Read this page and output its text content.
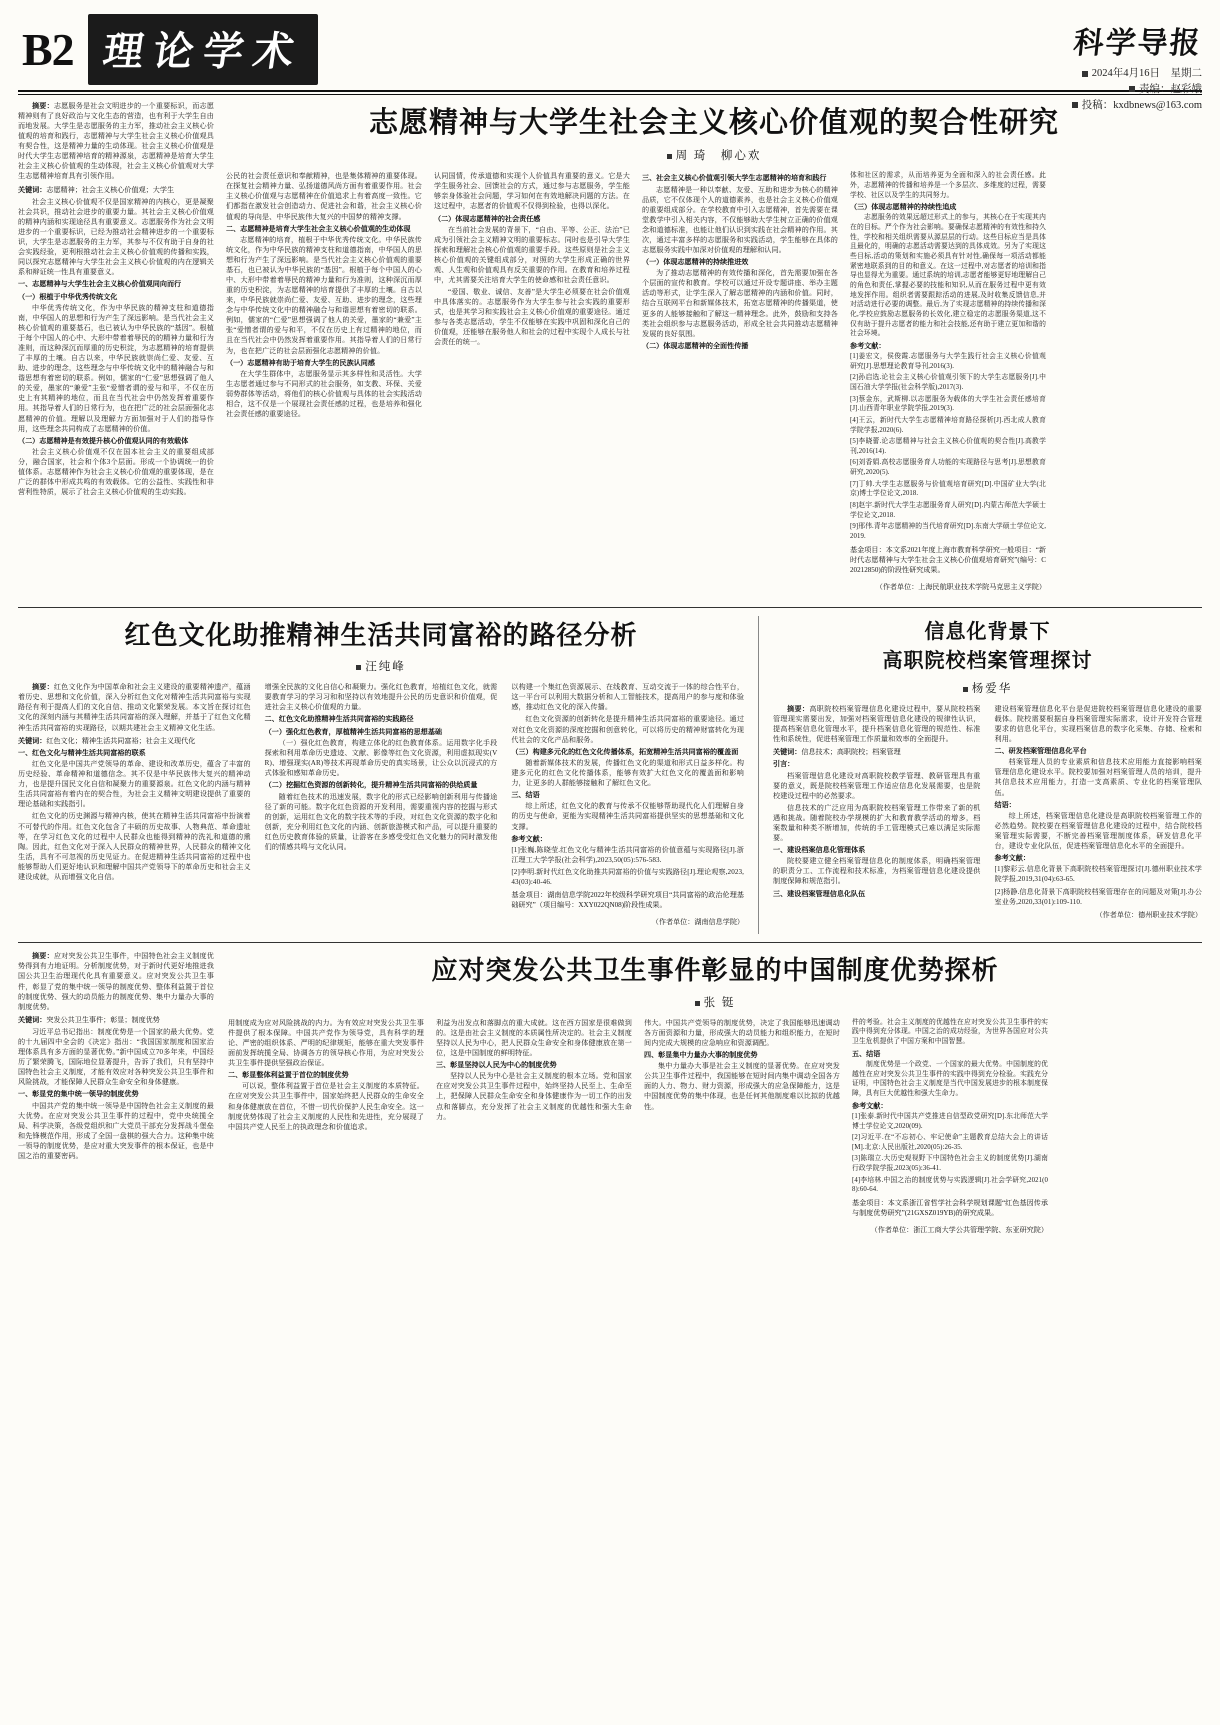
B2 理论学术	科学导报
2024年4月16日　星期二
责编：赵彩娥
投稿：kxdbnews@163.com

摘要：志愿服务是社会文明进步的一个重要标识，而志愿精神则有了良好政治与文化生态的营造，也有利于大学生自由而地发展。大学生是志愿服务的主力军，推动社会主义核心价值观的培育和践行，志愿精神与大学生社会主义核心价值观具有契合性，这是精神力量的生动体现。社会主义核心价值观是时代大学生志愿精神培育的精神源泉，志愿精神是培育大学生社会主义核心价值观的生动体现，社会主义核心价值观对大学生志愿精神培育具有引领作用。

关键词：志愿精神；社会主义核心价值观；大学生

社会主义核心价值观不仅是国家精神的内核心，更是凝聚社会共识，推动社会进步的重要力量。其社会主义核心价值观的精神内涵和实现途径具有重要意义。志愿服务作为社会文明进步的一个重要标识，已经为推动社会精神进步的一个重要标识，大学生是志愿服务的主力军，其参与不仅有助于自身的社会实践经验，更利根推动社会主义核心价值观的传播和实践，同以探究志愿精神与大学生社会主义核心价值观的内在逻辑关系和辩证统一性具有重要意义。

一、志愿精神与大学生社会主义核心价值观同向而行

（一）根植于中华优秀传统文化

中华优秀传统文化，作为中华民族的精神支柱和道德指南，中华国人的思想和行为产生了深远影响。是当代社会主义核心价值观的重要基石，也已被认为中华民族的“基因”。根植于每个中国人的心中、大形中带着着辱民的的精神力量和行为准则，而这种深沉而厚重的历史积淀，为志愿精神的培育提供了丰厚的土壤。自古以来，中华民族就崇尚仁爱、友爱、互助、进步的理念，这些理念与中华传统文化中的精神融合与和谐思想有着密切的联系。例如，儒家的“仁爱”思想强调了他人的关爱，墨家的“兼爱”主张“爱憎者谓的爱与和平，不仅在历史上有其精神的地位，而且在当代社会中仍然发挥着重要作用。其指导着人们的日常行为，也在把广泛的社会层面强化志愿精神的价值。理解以及理解力方面加强对于人们的指导作用，这些理念共同构成了志愿精神的价值。

（二）志愿精神是有效提升核心价值观认同的有效载体

社会主义核心价值观不仅在国本社会主义的重要组成部分，融合国家，社会和个体3个层面。形成一个协调统一的价值体系。志愿精神作为社会主义核心价值观的重要体现，是在广泛的群体中形成共鸣的有效载体。它的公益性、实践性和非营利性特质，展示了社会主义核心价值观的生动实践。

志愿精神与大学生社会主义核心价值观的契合性研究
周 琦　柳心欢

公民的社会责任意识和奉献精神，也是集体精神的重要体现。在探复社会精神力量、弘扬道德风尚方面有着重要作用。社会主义核心价值观与志愿精神在价值追求上有着高度一致性。它们都指在激发社会创造动力、促进社会和谐，社会主义核心价值观的导向是、中华民族伟大复兴的中国梦的精神支撑。

二、志愿精神是培育大学生社会主义核心价值观的生动体现

志愿精神的培育，植根于中华优秀传统文化。中华民族传统文化，作为中华民族的精神支柱和道德指南，中华国人的思想和行为产生了深远影响。是当代社会主义核心价值观的重要基石，也已被认为中华民族的“基因”。根植于每个中国人的心中、大形中带着着辱民的精神力量和行为准则，这种深沉而厚重的历史积淀，为志愿精神的培育提供了丰厚的土壤。自古以来，中华民族就崇尚仁爱、友爱、互助、进步的理念，这些理念与中华传统文化中的精神融合与和谐思想有着密切的联系。例如，儒家的“仁爱”思想强调了他人的关爱，墨家的“兼爱”主张“爱憎者谓的爱与和平，不仅在历史上有过精神的地位，而且在当代社会中仍然发挥着重要作用。其指导着人们的日常行为，也在把广泛的社会层面强化志愿精神的价值。

（一）志愿精神有助于培育大学生的民族认同感

在大学生群体中，志愿服务显示其多样性和灵活性。大学生志愿者通过参与不同形式的社会服务，如支教、环保、关爱弱势群体等活动，将他们的核心价值观与具体的社会实践活动相合，这不仅是一个展现社会责任感的过程，也是培养和强化社会责任感的重要途径。

认同国情，传承道德和实现个人价值具有重要的意义。它是大学生服务社会、回馈社会的方式，通过参与志愿服务，学生能够亲身体验社会问题，学习如何在有效地解决问题的方法。在这过程中，志愿者的价值观不仅得到检验，也得以深化。

（二）体现志愿精神的社会责任感

在当前社会发展的背景下，“自由、平等、公正、法治”已成为引领社会主义精神文明的重要标志。同时也是引导大学生探索和理解社会核心价值观的重要手段。这些原则是社会主义核心价值观的关键组成部分，对照的大学生形成正确的世界观、人生观和价值观具有反关重要的作用。在教育和培养过程中，尤其需要关注培育大学生的使命感和社会责任意识。

“爱国、敬业、诚信、友善”是大学生必须要在社会价值观中具体落实的。志愿服务作为大学生参与社会实践的重要形式，也是其学习和实践社会主义核心价值观的重要途径。通过参与各类志愿活动，学生不仅能够在实践中巩固和深化自己的价值观，还能够在服务他人和社会的过程中实现个人成长与社会责任的统一。

三、社会主义核心价值观引领大学生志愿精神的培育和践行

志愿精神是一种以奉献、友爱、互助和进步为核心的精神品质，它不仅体现个人的道德素养，也是社会主义核心价值观的重要组成部分。在学校教育中引入志愿精神，首先需要在课堂教学中引入相关内容，不仅能够助大学生树立正确的价值观念和道德标准，也能让他们认识到实践在社会精神的作用。其次，通过丰富多样的志愿服务和实践活动，学生能够在具体的志愿服务实践中加深对价值观的理解和认同。

（一）体现志愿精神的持续推进效

为了推动志愿精神的有效传播和深化，首先需要加强在各个层面的宣传和教育。学校可以通过开设专题讲座、举办主题活动等形式，让学生深入了解志愿精神的内涵和价值。同时，结合互联网平台和新媒体技术，拓宽志愿精神的传播渠道，使更多的人能够接触和了解这一精神理念。此外，鼓励和支持各类社会组织参与志愿服务活动，形成全社会共同推动志愿精神发展的良好氛围。

（二）体现志愿精神的全面性传播

体和社区的需求，从而培养更为全面和深入的社会责任感。此外，志愿精神的传播和培养是一个多层次、多维度的过程，需要学校、社区以及学生的共同努力。

（三）体现志愿精神的持续性追成

志愿服务的效果远超过形式上的参与，其核心在于实现其内在的目标。严个作为社会影响。要确保志愿精神的有效性和持久性，学校和相关组织需要从源层层的行动。这些目标应当是具体且最化的，明确的志愿活动需要达到的具体成效。另为了实现这些目标,活动的策划和实施必须具有针对性,确保每一项活动都能紧密地联系到的目的和意义。在这一过程中,对志愿者的培训和指导也显得尤为重要。通过系统的培训,志愿者能够更好地理解自己的角色和责任,掌握必要的技能和知识,从而在服务过程中更有效地发挥作用。组织者需要跟踪活动的进展,及时收集反馈信息,并对活动进行必要的调整。最后,为了实现志愿精神的持续传播和深化,学校应鼓励志愿服务的长效化,建立稳定的志愿服务渠道,这不仅有助于提升志愿者的能力和社会技能,还有助于建立更加和谐的社会环境。

参考文献：

[1]姜宏文，侯俊霞.志愿服务与大学生践行社会主义核心价值观研究[J].思想理论教育导刊,2016(3).

[2]孙启选.论社会主义核心价值观引领下的大学生志愿服务[J].中国石油大学学报(社会科学版),2017(3).

[3]蔡金东，武斯柳.以志愿服务为载体的大学生社会责任感培育[J].山西青年职业学院学报,2019(3).

[4]王云，新时代大学生志愿精神培育路径探析[J].西北成人教育学院学报,2020(6).

[5]李晓蕾.论志愿精神与社会主义核心价值观的契合性[J].高教学刊,2016(14).

[6]刘香娟.高校志愿服务育人功能的实现路径与思考[J].思想教育研究,2020(5).

[7]丁帅.大学生志愿服务与价值观培育研究[D].中国矿业大学(北京)博士学位论文,2018.

[8]赵宇.新时代大学生志愿服务育人研究[D].内蒙古师范大学硕士学位论文,2018.

[9]邢伟.青年志愿精神的当代培育研究[D].东南大学硕士学位论文,2019.

基金项目：本文系2021年度上海市教育科学研究一般项目：“新时代志愿精神与大学生社会主义核心价值观培育研究”(编号：C20212850)的阶段性研究成果。

（作者单位：上海民航职业技术学院马克思主义学院）

红色文化助推精神生活共同富裕的路径分析
汪纯峰

摘要：红色文化作为中国革命和社会主义建设的重要精神遗产，蕴涵着历史、思想和文化价值，深入分析红色文化对精神生活共同富裕与实现路径有利于提高人们的文化自信、推动文化繁荣发展。本文旨在探讨红色文化的深刻内涵与其精神生活共同富裕的深入理解，并基于了红色文化精神生活共同富裕的实现路径，以期共建社会主义精神文化生活。

关键词：红色文化；精神生活共同富裕；社会主义现代化

一、红色文化与精神生活共同富裕的联系

红色文化是中国共产党领导的革命、建设和改革历史，蕴含了丰富的历史经验、革命精神和道德信念。其不仅是中华民族伟大复兴的精神动力，也是提升国民文化自信和凝聚力的重要源泉。红色文化的内涵与精神生活共同富裕有着内在的契合性，为社会主义精神文明建设提供了重要的理论基础和实践指引。

红色文化的历史渊源与精神内核，使其在精神生活共同富裕中扮演着不可替代的作用。红色文化包含了丰硕的历史故事、人物典范、革命遗址等，在学习红色文化的过程中人民群众也能得到精神的洗礼和道德的熏陶。因此，红色文化对于深入人民群众的精神世界，人民群众的精神文化生活，具有不可忽视的历史见证力。在促进精神生活共同富裕的过程中也能够帮助人们更好地认识和理解中国共产党领导下的革命历史和社会主义建设成就，从而增强文化自信。

增强全民族的文化自信心和凝聚力。强化红色教育，培植红色文化，就需要教育学习的学习习和和坚持以有效地提升公民的历史意识和价值观，促进社会主义核心价值观的力量。

二、红色文化助推精神生活共同富裕的实践路径

（一）强化红色教育，厚植精神生活共同富裕的思想基础

（一）强化红色教育，构建立体化的红色教育体系。运用数字化手段探索和利用革命历史遗迹、文献、影像等红色文化资源，利用虚拟现实(VR)、增强现实(AR)等技术再现革命历史的真实场景，让公众以沉浸式的方式体验和感知革命历史。

（二）挖掘红色资源的创新转化，提升精神生活共同富裕的供给质量

随着红色技术的迅速发展，数字化的形式已经影响创新利用与传播途径了新的可能。数字化红色资源的开发利用，需要重视内容的挖掘与形式的创新，运用红色文化的数字技术等的手段，对红色文化资源的数字化和创新，充分利用红色文化的内涵、创新旅游模式和产品，可以提升重要的红色历史教育体验的质量，让游客在多感受受红色文化魅力的同时激发他们的情感共鸣与文化认同。

以构建一个集红色资源展示、在线教育、互动交流于一体的综合性平台，这一平台可以利用大数据分析和人工智能技术，提高用户的参与度和体验感，推动红色文化的深入传播。

红色文化资源的创新转化是提升精神生活共同富裕的重要途径。通过对红色文化资源的深度挖掘和创意转化，可以将历史的精神财富转化为现代社会的文化产品和服务。

（三）构建多元化的红色文化传播体系，拓宽精神生活共同富裕的覆盖面

随着新媒体技术的发展，传播红色文化的渠道和形式日益多样化。构建多元化的红色文化传播体系，能够有效扩大红色文化的覆盖面和影响力，让更多的人群能够接触和了解红色文化。

三、结语

综上所述，红色文化的教育与传承不仅能够帮助现代化人们理解自身的历史与使命，更能为实现精神生活共同富裕提供坚实的思想基础和文化支撑。

参考文献：

[1]张巍,陈晓莹.红色文化与精神生活共同富裕的价值意蕴与实现路径[J].浙江理工大学学报(社会科学),2023,50(05):576-583.

[2]李明.新时代红色文化助推共同富裕的价值与实践路径[J].理论观察,2023,43(03):40-46.

基金项目：湖南信息学院2022年校级科学研究项目“共同富裕的政治伦理基础研究”（项目编号：XXY022QN08)阶段性成果。

（作者单位：湖南信息学院）

信息化背景下
高职院校档案管理探讨
杨爱华

摘要：高职院校档案管理信息化建设过程中，要从院校档案管理现实需要出发，加强对档案管理信息化建设的规律性认识，提高档案信息化管理水平，提升档案信息化管理的规范性、标准性和系统性，促进档案管理工作质量和效率的全面提升。

关键词：信息技术；高职院校；档案管理

引言：

档案管理信息化建设对高职院校教学管理、教研管理具有重要的意义，既是院校档案管理工作适应信息化发展需要，也是院校建设过程中的必然要求。

信息技术的广泛应用为高职院校档案管理工作带来了新的机遇和挑战。随着院校办学规模的扩大和教育教学活动的增多，档案数量和种类不断增加，传统的手工管理模式已难以满足实际需要。

一、建设档案信息化管理体系

院校要建立健全档案管理信息化的制度体系，明确档案管理的职责分工、工作流程和技术标准，为档案管理信息化建设提供制度保障和规范指引。

三、建设档案管理信息化队伍

建设档案管理信息化平台是促进院校档案管理信息化建设的重要载体。院校需要根据自身档案管理实际需求，设计开发符合管理要求的信息化平台，实现档案信息的数字化采集、存储、检索和利用。

二、研发档案管理信息化平台

档案管理人员的专业素质和信息技术应用能力直接影响档案管理信息化建设水平。院校要加强对档案管理人员的培训，提升其信息技术应用能力，打造一支高素质、专业化的档案管理队伍。

结语：

综上所述，档案管理信息化建设是高职院校档案管理工作的必然趋势。院校要在档案管理信息化建设的过程中，结合院校档案管理实际需要，不断完善档案管理制度体系，研发信息化平台，建设专业化队伍，促进档案管理信息化水平的全面提升。

参考文献：

[1]黎彩云.信息化背景下高职院校档案管理探讨[J].德州职业技术学院学报,2019,31(04):63-65.

[2]杨静.信息化背景下高职院校档案管理存在的问题及对策[J].办公室业务,2020,33(01):109-110.

（作者单位：德州职业技术学院）

摘要：应对突发公共卫生事件，中国特色社会主义制度优势得到有力地证明。分析制度优势，对于新时代更好地推进我国公共卫生治理现代化具有重要意义。应对突发公共卫生事件，彰显了党的集中统一领导的制度优势、整体利益置于首位的制度优势、强大的动员能力的制度优势、集中力量办大事的制度优势。

关键词：突发公共卫生事件；彰显；制度优势

习近平总书记指出：制度优势是一个国家的最大优势。党的十九届四中全会的《决定》指出：“我国国家制度和国家治理体系具有多方面的显著优势。”新中国成立70多年来，中国经历了繁荣腾飞，国际地位显著提升，告诉了我们，只有坚持中国特色社会主义制度，才能有效应对各种突发公共卫生事件和风险挑战，才能保障人民群众生命安全和身体健康。

一、彰显党的集中统一领导的制度优势

中国共产党的集中统一领导是中国特色社会主义制度的最大优势。在应对突发公共卫生事件的过程中，党中央统揽全局、科学决策，各级党组织和广大党员干部充分发挥战斗堡垒和先锋模范作用，形成了全国一盘棋的强大合力。这种集中统一领导的制度优势，是应对重大突发事件的根本保证，也是中国之治的重要密码。

应对突发公共卫生事件彰显的中国制度优势探析
张 铤

用制度成为应对风险挑战的内力。为有效应对突发公共卫生事件提供了根本保障。中国共产党作为领导党，具有科学的理论、严密的组织体系、严明的纪律规矩，能够在重大突发事件面前发挥统揽全局、协调各方的领导核心作用，为应对突发公共卫生事件提供坚强政治保证。

二、彰显整体利益置于首位的制度优势

可以说，整体利益置于首位是社会主义制度的本质特征。在应对突发公共卫生事件中，国家始终把人民群众的生命安全和身体健康放在首位，不惜一切代价保护人民生命安全。这一制度优势体现了社会主义制度的人民性和先进性，充分展现了中国共产党人民至上的执政理念和价值追求。

利益为出发点和落脚点的重大成就。这在西方国家是很难做到的。这是由社会主义制度的本质属性所决定的。社会主义制度坚持以人民为中心，把人民群众生命安全和身体健康放在第一位，这是中国制度的鲜明特征。

三、彰显坚持以人民为中心的制度优势

坚持以人民为中心是社会主义制度的根本立场。党和国家在应对突发公共卫生事件过程中，始终坚持人民至上、生命至上，把保障人民群众生命安全和身体健康作为一切工作的出发点和落脚点，充分发挥了社会主义制度的优越性和强大生命力。

伟大。中国共产党领导的制度优势，决定了我国能够迅速调动各方面资源和力量，形成强大的动员能力和组织能力，在短时间内完成大规模的应急响应和资源调配。

四、彰显集中力量办大事的制度优势

集中力量办大事是社会主义制度的显著优势。在应对突发公共卫生事件过程中，我国能够在短时间内集中调动全国各方面的人力、物力、财力资源，形成强大的应急保障能力，这是中国制度优势的集中体现，也是任何其他制度难以比拟的优越性。

件的考验。社会主义制度的优越性在应对突发公共卫生事件的实践中得到充分体现。中国之治的成功经验，为世界各国应对公共卫生危机提供了中国方案和中国智慧。

五、结语

制度优势是一个政党、一个国家的最大优势。中国制度的优越性在应对突发公共卫生事件的实践中得到充分检验。实践充分证明，中国特色社会主义制度是当代中国发展进步的根本制度保障，具有巨大优越性和强大生命力。

参考文献：

[1]张泰.新时代中国共产党推进自信型政党研究[D].东北师范大学博士学位论文,2020(09).

[2]习近平.在“不忘初心、牢记使命”主题教育总结大会上的讲话[M].北京:人民出版社,2020(05):26-35.

[3]陈瑞立.大历史观视野下中国特色社会主义的制度优势[J].湖南行政学院学报,2023(05):36-41.

[4]李培林.中国之治的制度优势与实践逻辑[J].社会学研究,2021(08):60-64.

基金项目：本文系浙江省哲学社会科学规划课题“红色基因传承与制度优势研究”(21GXSZ019YB)的研究成果。

（作者单位：浙江工商大学公共管理学院、东亚研究院）
